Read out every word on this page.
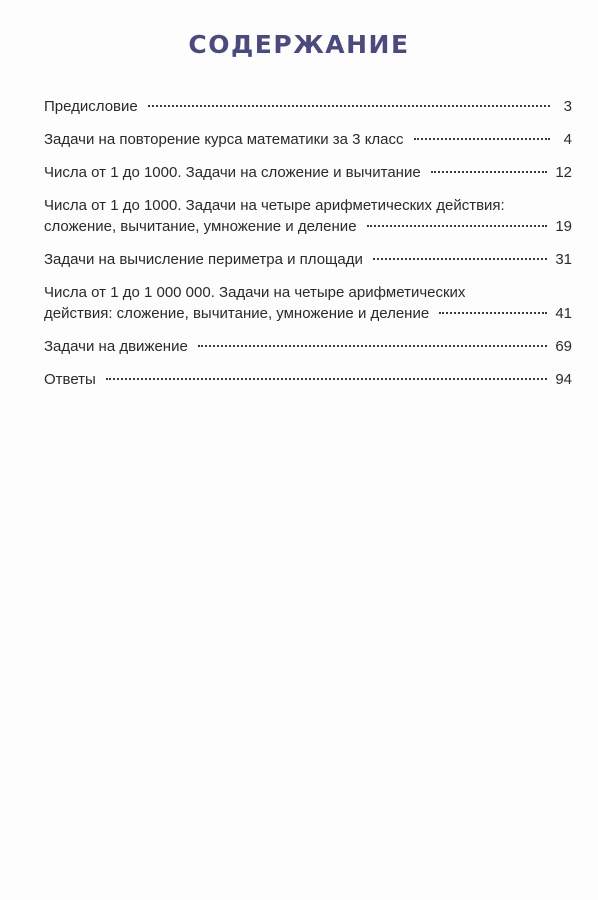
СОДЕРЖАНИЕ
Предисловие	3
Задачи на повторение курса математики за 3 класс	4
Числа от 1 до 1000. Задачи на сложение и вычитание	12
Числа от 1 до 1000. Задачи на четыре арифметических действия:
сложение, вычитание, умножение и деление	19
Задачи на вычисление периметра и площади	31
Числа от 1 до 1 000 000. Задачи на четыре арифметических
действия: сложение, вычитание, умножение и деление	41
Задачи на движение	69
Ответы	94
